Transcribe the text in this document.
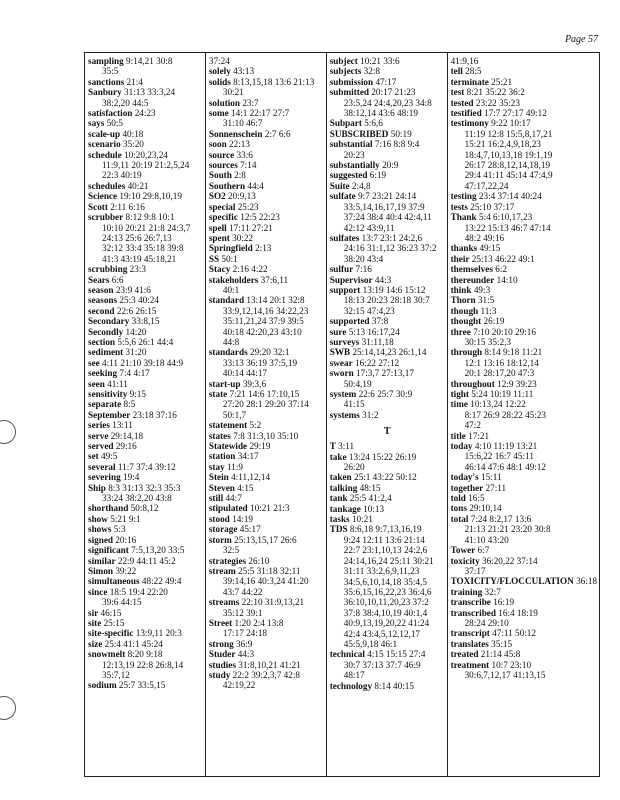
Page 57

sampling 9:14,21 30:8
35:5

sanctions 21:4

Sanbury 31:13 33:3,24
38:2,20 44:5

satisfaction 24:23

says 50:5

scale-up 40:18

scenario 35:20

schedule 10:20,23,24
11:9,11 20:19 21:2,5,24
22:3 40:19

schedules 40:21

Science 19:10 29:8,10,19

Scott 2:11 6:16

scrubber 8:12 9:8 10:1
10:10 20:21 21:8 24:3,7
24:13 25:6 26:7,13
32:12 33:4 35:18 39:8
41:3 43:19 45:18,21

scrubbing 23:3

Sears 6:6

season 23:9 41:6

seasons 25:3 40:24

second 22:6 26:15

Secondary 33:8,15

Secondly 14:20

section 5:5,6 26:1 44:4

sediment 31:20

see 4:11 21:10 39:18 44:9

seeking 7:4 4:17

seen 41:11

sensitivity 9:15

separate 8:5

September 23:18 37:16

series 13:11

serve 29:14,18

served 29:16

set 49:5

several 11:7 37:4 39:12

severing 19:4

Ship 8:3 31:13 32:3 35:3
33:24 38:2,20 43:8

shorthand 50:8,12

show 5:21 9:1

shows 5:3

signed 20:16

significant 7:5,13,20 33:5

similar 22:9 44:11 45:2

Simon 39:22

simultaneous 48:22 49:4

since 18:5 19:4 22:20
39:6 44:15

sir 46:15

site 25:15

site-specific 13:9,11 20:3

size 25:4 41:1 45:24

snowmelt 8:20 9:18
12:13,19 22:8 26:8,14
35:7,12

sodium 25:7 33:5,15

37:24

solely 43:13

solids 8:13,15,18 13:6 21:13
30:21

solution 23:7

some 14:1 22:17 27:7
31:10 46:7

Sonnenschein 2:7 6:6

soon 22:13

source 33:6

sources 7:14

South 2:8

Southern 44:4

SO2 20:9,13

special 25:23

specific 12:5 22:23

spell 17:11 27:21

spent 30:22

Springfield 2:13

SS 50:1

Stacy 2:16 4:22

stakeholders 37:6,11
40:1

standard 13:14 20:1 32:8
33:9,12,14,16 34:22,23
35:11,21,24 37:9 39:5
40:18 42:20,23 43:10
44:8

standards 29:20 32:1
33:13 36:19 37:5,19
40:14 44:17

start-up 39:3,6

state 7:21 14:6 17:10,15
27:20 28:1 29:20 37:14
50:1,7

statement 5:2

states 7:8 31:3,10 35:10

Statewide 29:19

station 34:17

stay 11:9

Stein 4:11,12,14

Steven 4:15

still 44:7

stipulated 10:21 21:3

stood 14:19

storage 45:17

storm 25:13,15,17 26:6
32:5

strategies 26:10

stream 25:5 31:18 32:11
39:14,16 40:3,24 41:20
43:7 44:22

streams 22:10 31:9,13,21
35:12 39:1

Street 1:20 2:4 13:8
17:17 24:18

strong 36:9

Studer 44:3

studies 31:8,10,21 41:21

study 22:2 39:2,3,7 42:8
42:19,22

subject 10:21 33:6

subjects 32:8

submission 47:17

submitted 20:17 21:23
23:5,24 24:4,20,23 34:8
38:12,14 43:6 48:19

Subpart 5:6,6

SUBSCRIBED 50:19

substantial 7:16 8:8 9:4
20:23

substantially 20:9

suggested 6:19

Suite 2:4,8

sulfate 9:7 23:21 24:14
33:5,14,16,17,19 37:9
37:24 38:4 40:4 42:4,11
42:12 43:9,11

sulfates 13:7 23:1 24:2,6
24:16 31:1,12 36:23 37:2
38:20 43:4

sulfur 7:16

Supervisor 44:3

support 13:19 14:6 15:12
18:13 20:23 28:18 30:7
32:15 47:4,23

supported 37:8

sure 5:13 16:17,24

surveys 31:11,18

SWB 25:14,14,23 26:1,14

swear 16:22 27:12

sworn 17:3,7 27:13,17
50:4,19

system 22:6 25:7 30:9
41:15

systems 31:2

T

T 3:11

take 13:24 15:22 26:19
26:20

taken 25:1 43:22 50:12

talking 48:15

tank 25:5 41:2,4

tankage 10:13

tasks 10:21

TDS 8:6,18 9:7,13,16,19
9:24 12:11 13:6 21:14
22:7 23:1,10,13 24:2,6
24:14,16,24 25:11 30:21
31:11 33:2,6,9,11,23
34:5,6,10,14,18 35:4,5
35:6,15,16,22,23 36:4,6
36:10,10,11,20,23 37:2
37:8 38:4,10,19 40:1,4
40:9,13,19,20,22 41:24
42:4 43:4,5,12,12,17
45:5,9,18 46:1

technical 4:15 15:15 27:4
30:7 37:13 37:7 46:9
48:17

technology 8:14 40:15

41:9,16

tell 28:5

terminate 25:21

test 8:21 35:22 36:2

tested 23:22 35:23

testified 17:7 27:17 49:12

testimony 9:22 10:17
11:19 12:8 15:5,8,17,21
15:21 16:2,4,9,18,23
18:4,7,10,13,18 19:1,19
26:17 28:8,12,14,18,19
29:4 41:11 45:14 47:4,9
47:17,22,24

testing 23:4 37:14 40:24

tests 25:10 37:17

Thank 5:4 6:10,17,23
13:22 15:13 46:7 47:14
48:2 49:16

thanks 49:15

their 25:13 46:22 49:1

themselves 6:2

thereunder 14:10

think 49:3

Thorn 31:5

though 11:3

thought 26:19

three 7:10 20:10 29:16
30:15 35:2,3

through 8:14 9:18 11:21
12:1 13:16 18:12,14
20:1 28:17,20 47:3

throughout 12:9 39:23

tight 5:24 10:19 11:11

time 10:13,24 12:22
8:17 26:9 28:22 45:23
47:2

title 17:21

today 4:10 11:19 13:21
15:6,22 16:7 45:11
46:14 47:6 48:1 49:12

today's 15:11

together 27:11

told 16:5

tons 29:10,14

total 7:24 8:2,17 13:6
21:13 21:21 23:20 30:8
41:10 43:20

Tower 6:7

toxicity 36:20,22 37:14
37:17

TOXICITY/FLOCCULATION 36:18

training 32:7

transcribe 16:19

transcribed 16:4 18:19
28:24 29:10

transcript 47:11 50:12

translates 35:15

treated 21:14 45:8

treatment 10:7 23:10
30:6,7,12,17 41:13,15
